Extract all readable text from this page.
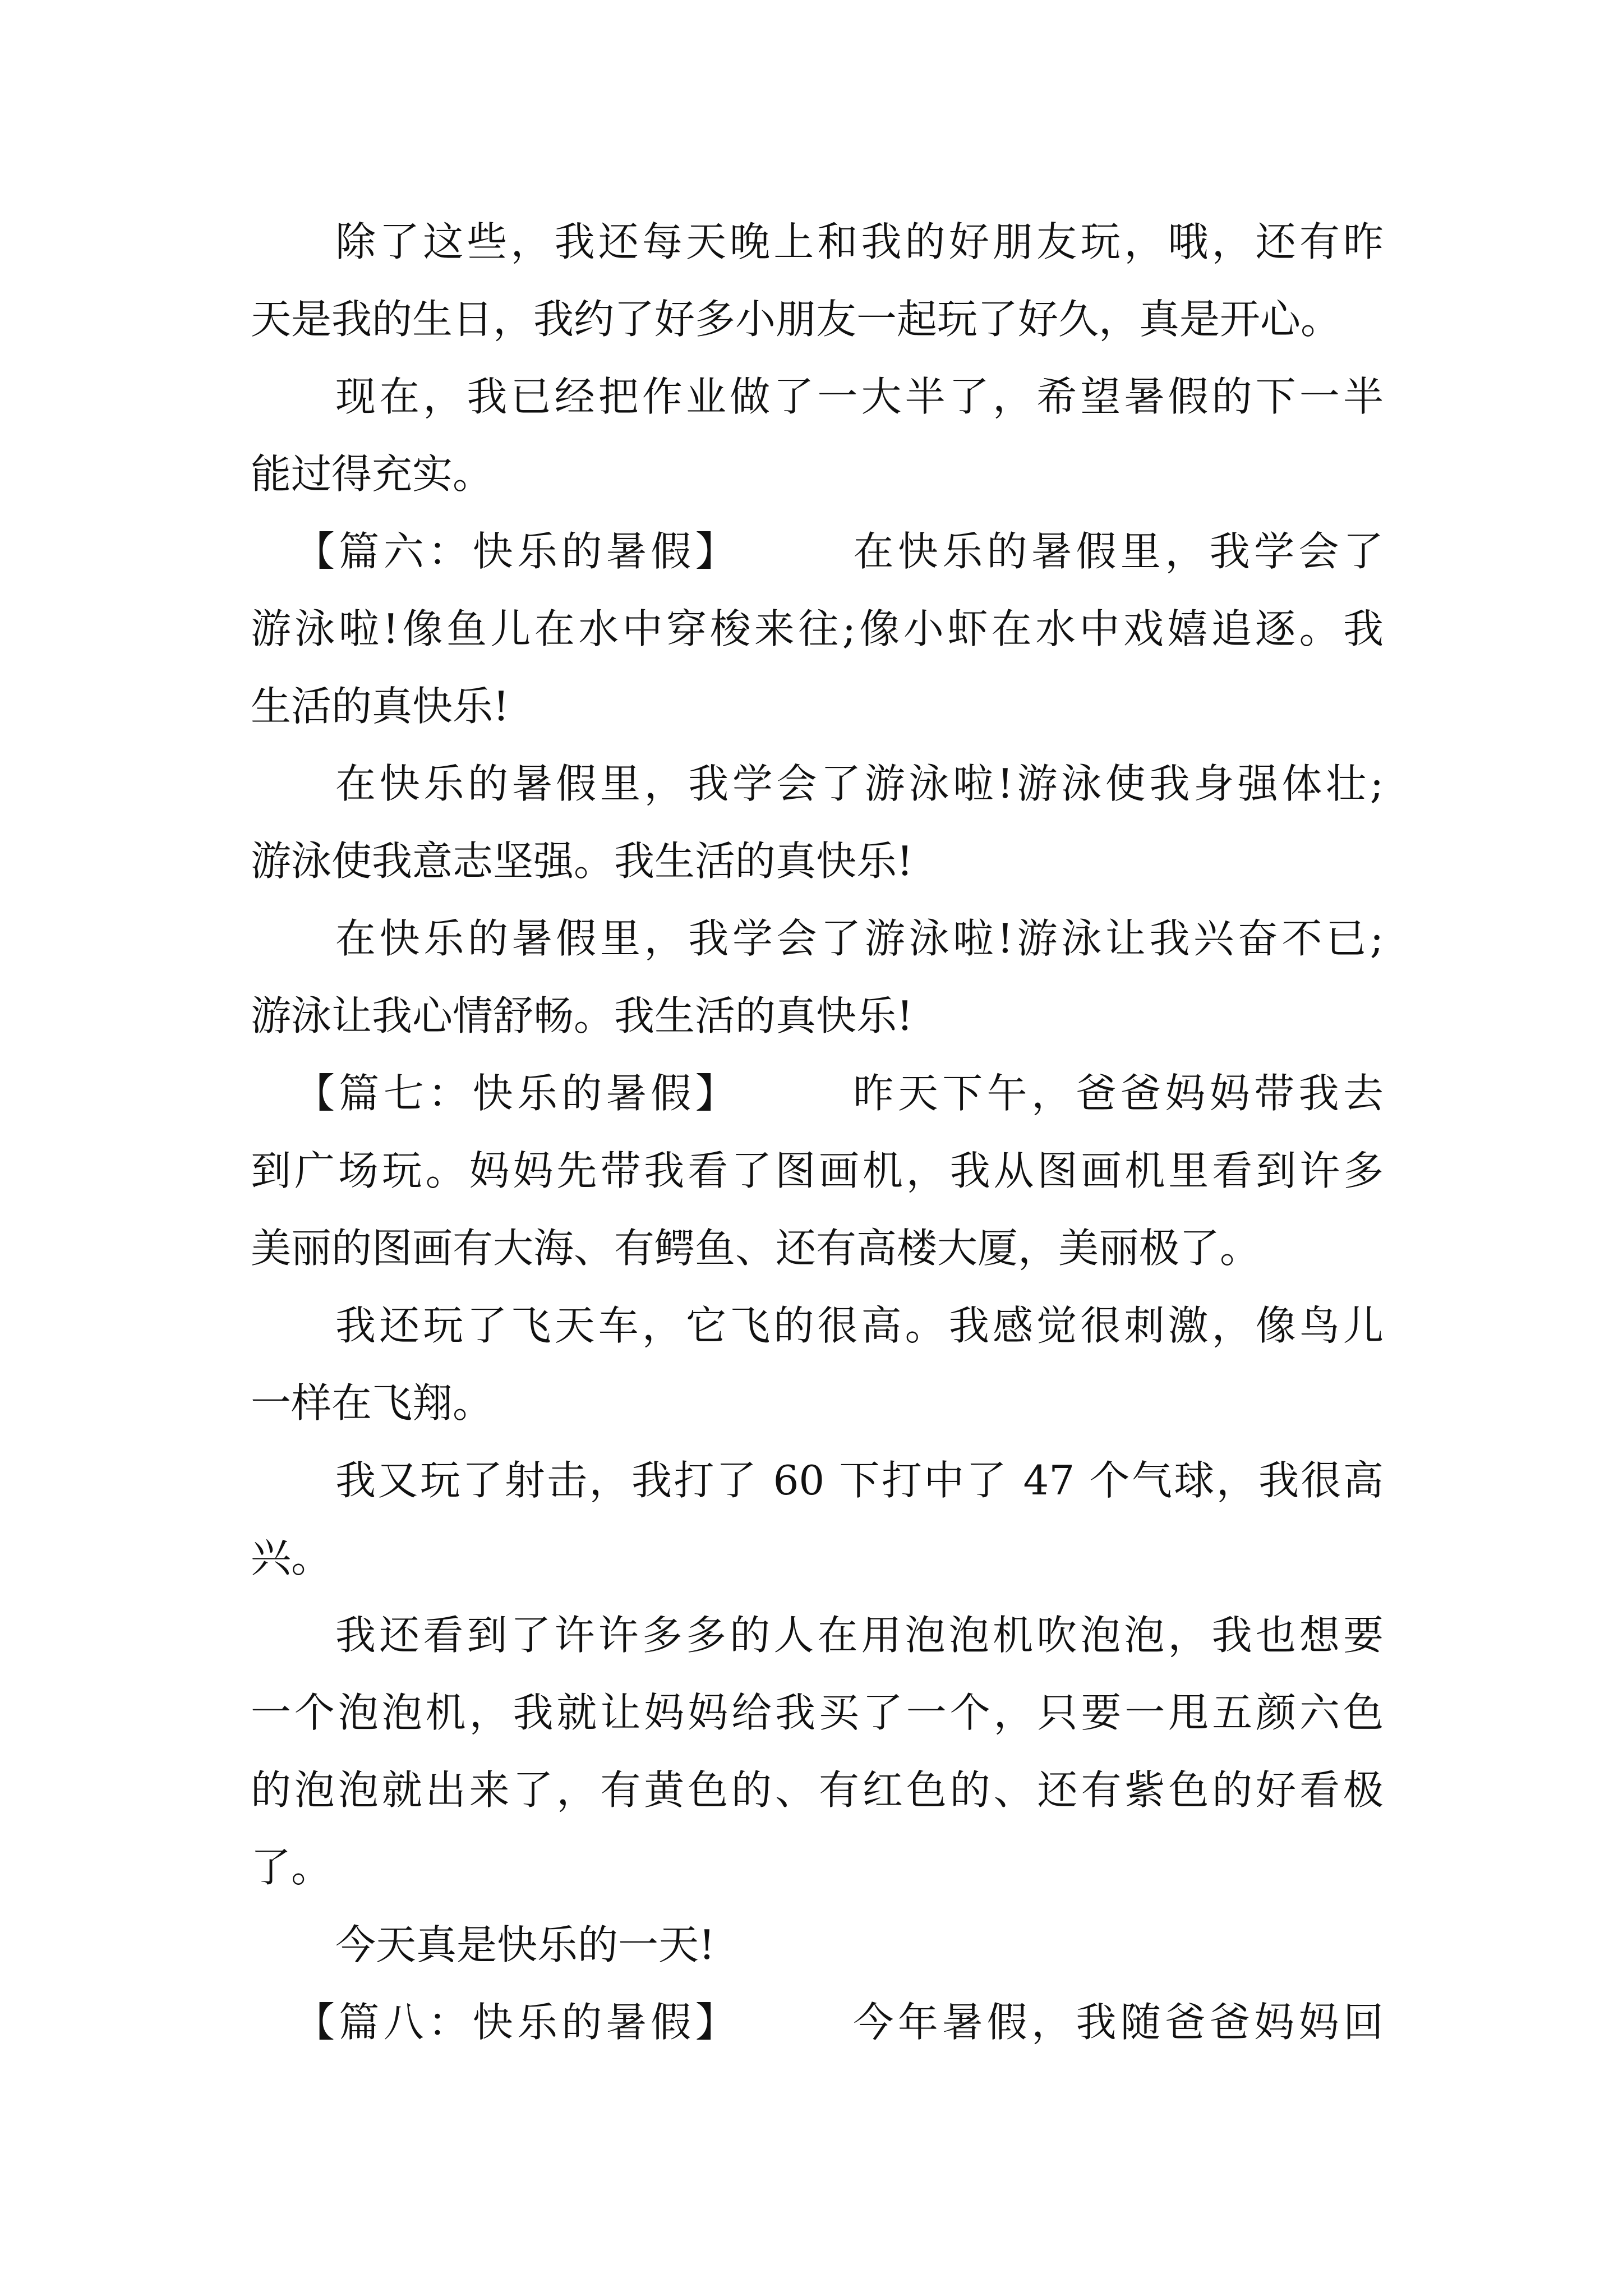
除了这些，我还每天晚上和我的好朋友玩，哦，还有昨
天是我的生日，我约了好多小朋友一起玩了好久，真是开心。
现在，我已经把作业做了一大半了，希望暑假的下一半
能过得充实。
【篇六：快乐的暑假】　　　在快乐的暑假里，我学会了
游泳啦!像鱼儿在水中穿梭来往;像小虾在水中戏嬉追逐。我
生活的真快乐!
在快乐的暑假里，我学会了游泳啦!游泳使我身强体壮;
游泳使我意志坚强。我生活的真快乐!
在快乐的暑假里，我学会了游泳啦!游泳让我兴奋不已;
游泳让我心情舒畅。我生活的真快乐!
【篇七：快乐的暑假】　　　昨天下午，爸爸妈妈带我去
到广场玩。妈妈先带我看了图画机，我从图画机里看到许多
美丽的图画有大海、有鳄鱼、还有高楼大厦，美丽极了。
我还玩了飞天车，它飞的很高。我感觉很刺激，像鸟儿
一样在飞翔。
我又玩了射击，我打了 60 下打中了 47 个气球，我很高
兴。
我还看到了许许多多的人在用泡泡机吹泡泡，我也想要
一个泡泡机，我就让妈妈给我买了一个，只要一甩五颜六色
的泡泡就出来了，有黄色的、有红色的、还有紫色的好看极
了。
今天真是快乐的一天!
【篇八：快乐的暑假】　　　今年暑假，我随爸爸妈妈回
